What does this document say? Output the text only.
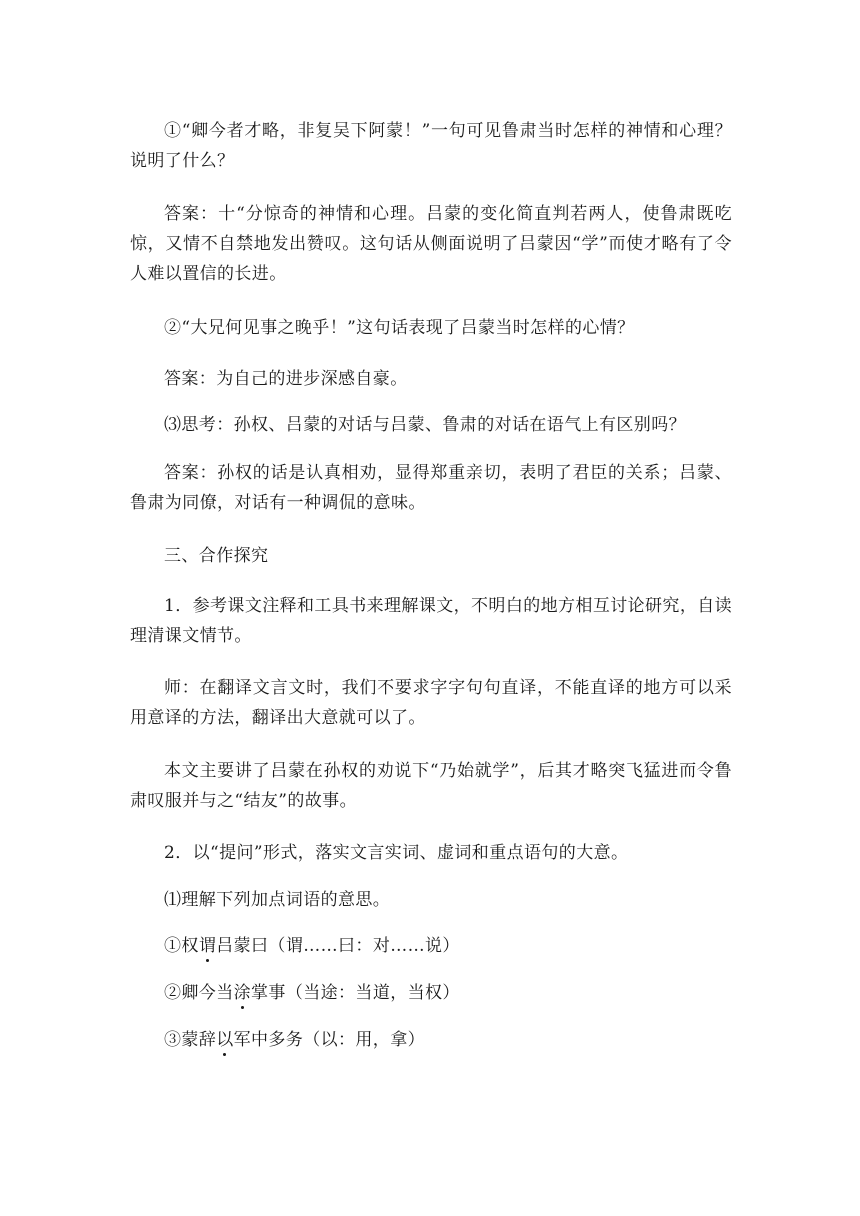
①“卿今者才略，非复吴下阿蒙！”一句可见鲁肃当时怎样的神情和心理？说明了什么？

答案：十“分惊奇的神情和心理。吕蒙的变化简直判若两人，使鲁肃既吃惊，又情不自禁地发出赞叹。这句话从侧面说明了吕蒙因“学”而使才略有了令人难以置信的长进。

②“大兄何见事之晚乎！”这句话表现了吕蒙当时怎样的心情？

答案：为自己的进步深感自豪。

⑶思考：孙权、吕蒙的对话与吕蒙、鲁肃的对话在语气上有区别吗？

答案：孙权的话是认真相劝，显得郑重亲切，表明了君臣的关系；吕蒙、鲁肃为同僚，对话有一种调侃的意味。

三、合作探究

1．参考课文注释和工具书来理解课文，不明白的地方相互讨论研究，自读理清课文情节。

师：在翻译文言文时，我们不要求字字句句直译，不能直译的地方可以采用意译的方法，翻译出大意就可以了。

本文主要讲了吕蒙在孙权的劝说下“乃始就学”，后其才略突飞猛进而令鲁肃叹服并与之“结友”的故事。

2．以“提问”形式，落实文言实词、虚词和重点语句的大意。

⑴理解下列加点词语的意思。

①权谓吕蒙曰（谓……曰：对……说）

②卿今当涂掌事（当途：当道，当权）

③蒙辞以军中多务（以：用，拿）
